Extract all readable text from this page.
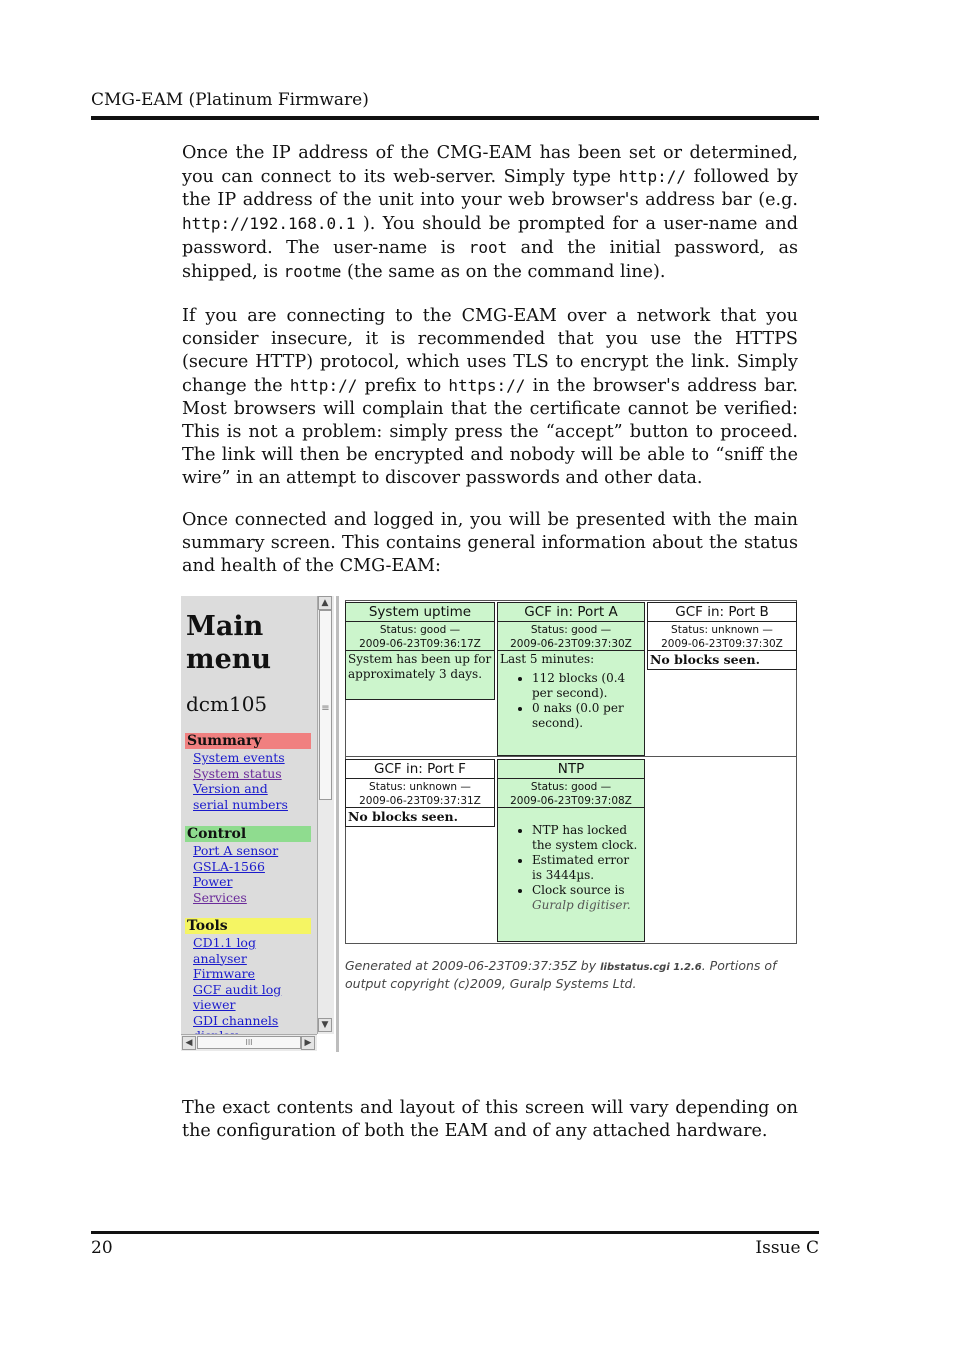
CMG-EAM (Platinum Firmware)

Once the IP address of the CMG-EAM has been set or determined, you can connect to its web-server. Simply type http:// followed by the IP address of the unit into your web browser's address bar (e.g. http://192.168.0.1 ). You should be prompted for a user-name and password. The user-name is root and the initial password, as shipped, is rootme (the same as on the command line).

If you are connecting to the CMG-EAM over a network that you consider insecure, it is recommended that you use the HTTPS (secure HTTP) protocol, which uses TLS to encrypt the link. Simply change the http:// prefix to https:// in the browser's address bar. Most browsers will complain that the certificate cannot be verified: This is not a problem: simply press the “accept” button to proceed. The link will then be encrypted and nobody will be able to “sniff the wire” in an attempt to discover passwords and other data.

Once connected and logged in, you will be presented with the main summary screen. This contains general information about the status and health of the CMG-EAM:

Main
menu
dcm105
Summary
System events
System status
Version and
serial numbers
Control
Port A sensor
GSLA-1566
Power
Services
Tools
CD1.1 log
analyser
Firmware
GCF audit log
viewer
GDI channels
≡
▲
▼
III
◀	▶
System uptime
Status: good —
2009-06-23T09:36:17Z
System has been up for approximately 3 days.
GCF in: Port A
Status: good —
2009-06-23T09:37:30Z
Last 5 minutes:
• 112 blocks (0.4 per second).
• 0 naks (0.0 per second).
GCF in: Port B
Status: unknown —
2009-06-23T09:37:30Z
No blocks seen.
GCF in: Port F
Status: unknown —
2009-06-23T09:37:31Z
No blocks seen.
NTP
Status: good —
2009-06-23T09:37:08Z
• NTP has locked the system clock.
• Estimated error is 3444µs.
• Clock source is Guralp digitiser.
Generated at 2009-06-23T09:37:35Z by libstatus.cgi 1.2.6. Portions of output copyright (c)2009, Guralp Systems Ltd.

The exact contents and layout of this screen will vary depending on the configuration of both the EAM and of any attached hardware.

20	Issue C
